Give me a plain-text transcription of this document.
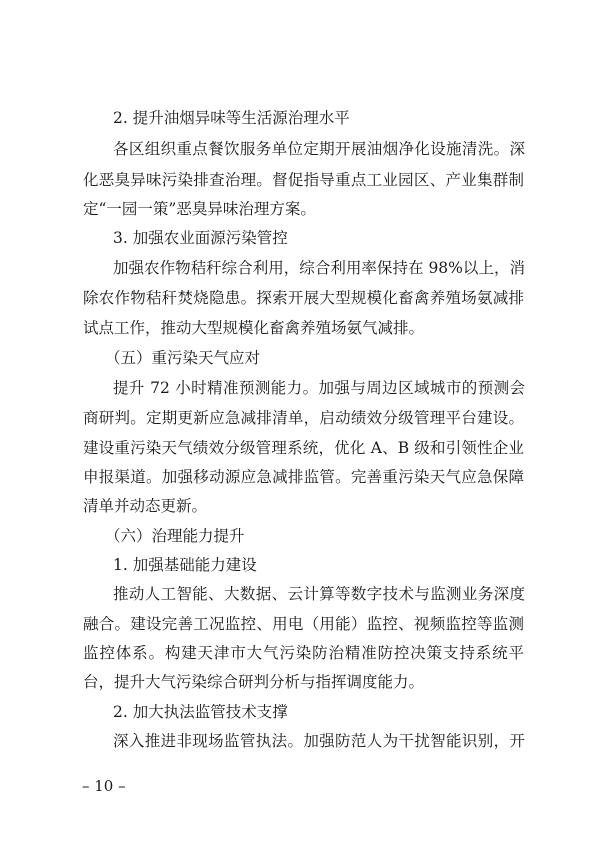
2. 提升油烟异味等生活源治理水平
各区组织重点餐饮服务单位定期开展油烟净化设施清洗。深
化恶臭异味污染排查治理。督促指导重点工业园区、产业集群制
定“一园一策”恶臭异味治理方案。
3. 加强农业面源污染管控
加强农作物秸秆综合利用，综合利用率保持在 98%以上，消
除农作物秸秆焚烧隐患。探索开展大型规模化畜禽养殖场氨减排
试点工作，推动大型规模化畜禽养殖场氨气减排。
（五）重污染天气应对
提升 72 小时精准预测能力。加强与周边区域城市的预测会
商研判。定期更新应急减排清单，启动绩效分级管理平台建设。
建设重污染天气绩效分级管理系统，优化 A、B 级和引领性企业
申报渠道。加强移动源应急减排监管。完善重污染天气应急保障
清单并动态更新。
（六）治理能力提升
1. 加强基础能力建设
推动人工智能、大数据、云计算等数字技术与监测业务深度
融合。建设完善工况监控、用电（用能）监控、视频监控等监测
监控体系。构建天津市大气污染防治精准防控决策支持系统平
台，提升大气污染综合研判分析与指挥调度能力。
2. 加大执法监管技术支撑
深入推进非现场监管执法。加强防范人为干扰智能识别，开
– 10 –
